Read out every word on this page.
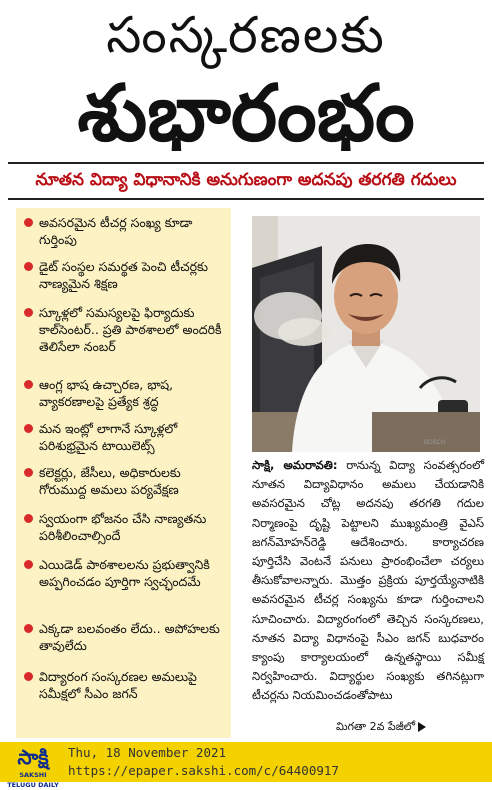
సంస్కరణలకు
శుభారంభం
నూతన విద్యా విధానానికి అనుగుణంగా అదనపు తరగతి గదులు
అవసరమైన టీచర్ల సంఖ్య కూడా గుర్తింపు
డైట్ సంస్థల సమర్థత పెంచి టీచర్లకు నాణ్యమైన శిక్షణ
స్కూళ్లలో సమస్యలపై ఫిర్యాదుకు కాల్‌సెంటర్.. ప్రతి పాఠశాలలో అందరికీ తెలిసేలా నంబర్
ఆంగ్ల భాష ఉచ్చారణ, భాష, వ్యాకరణాలపై ప్రత్యేక శ్రద్ధ
మన ఇంట్లో లాగానే స్కూళ్లలో పరిశుభ్రమైన టాయిలెట్స్
కలెక్టర్లు, జేసీలు, అధికారులకు గోరుముద్ద అమలు పర్యవేక్షణ
స్వయంగా భోజనం చేసి నాణ్యతను పరిశీలించాల్సిందే
ఎయిడెడ్ పాఠశాలలను ప్రభుత్వానికి అప్పగించడం పూర్తిగా స్వచ్ఛందమే
ఎక్కడా బలవంతం లేదు.. అపోహలకు తావులేదు
విద్యారంగ సంస్కరణల అమలుపై సమీక్షలో సీఎం జగన్
BOSCH
సాక్షి, అమరావతి: రానున్న విద్యా సంవత్సరంలో నూతన విద్యావిధానం అమలు చేయడానికి అవసరమైన చోట్ల అదనపు తరగతి గదుల నిర్మాణంపై దృష్టి పెట్టాలని ముఖ్యమంత్రి వైఎస్ జగన్‌మోహన్‌రెడ్డి ఆదేశించారు. కార్యాచరణ పూర్తిచేసి వెంటనే పనులు ప్రారంభించేలా చర్యలు తీసుకోవాలన్నారు. మొత్తం ప్రక్రియ పూర్తయ్యేనాటికి అవసరమైన టీచర్ల సంఖ్యను కూడా గుర్తించాలని సూచించారు. విద్యారంగంలో తెచ్చిన సంస్కరణలు, నూతన విద్యా విధానంపై సీఎం జగన్ బుధవారం క్యాంపు కార్యాలయంలో ఉన్నతస్థాయి సమీక్ష నిర్వహించారు. విద్యార్థుల సంఖ్యకు తగినట్లుగా టీచర్లను నియమించడంతోపాటు
మిగతా 2వ పేజీలో
సాక్షి
SAKSHI TELUGU DAILY
Thu, 18 November 2021
https://epaper.sakshi.com/c/64400917
